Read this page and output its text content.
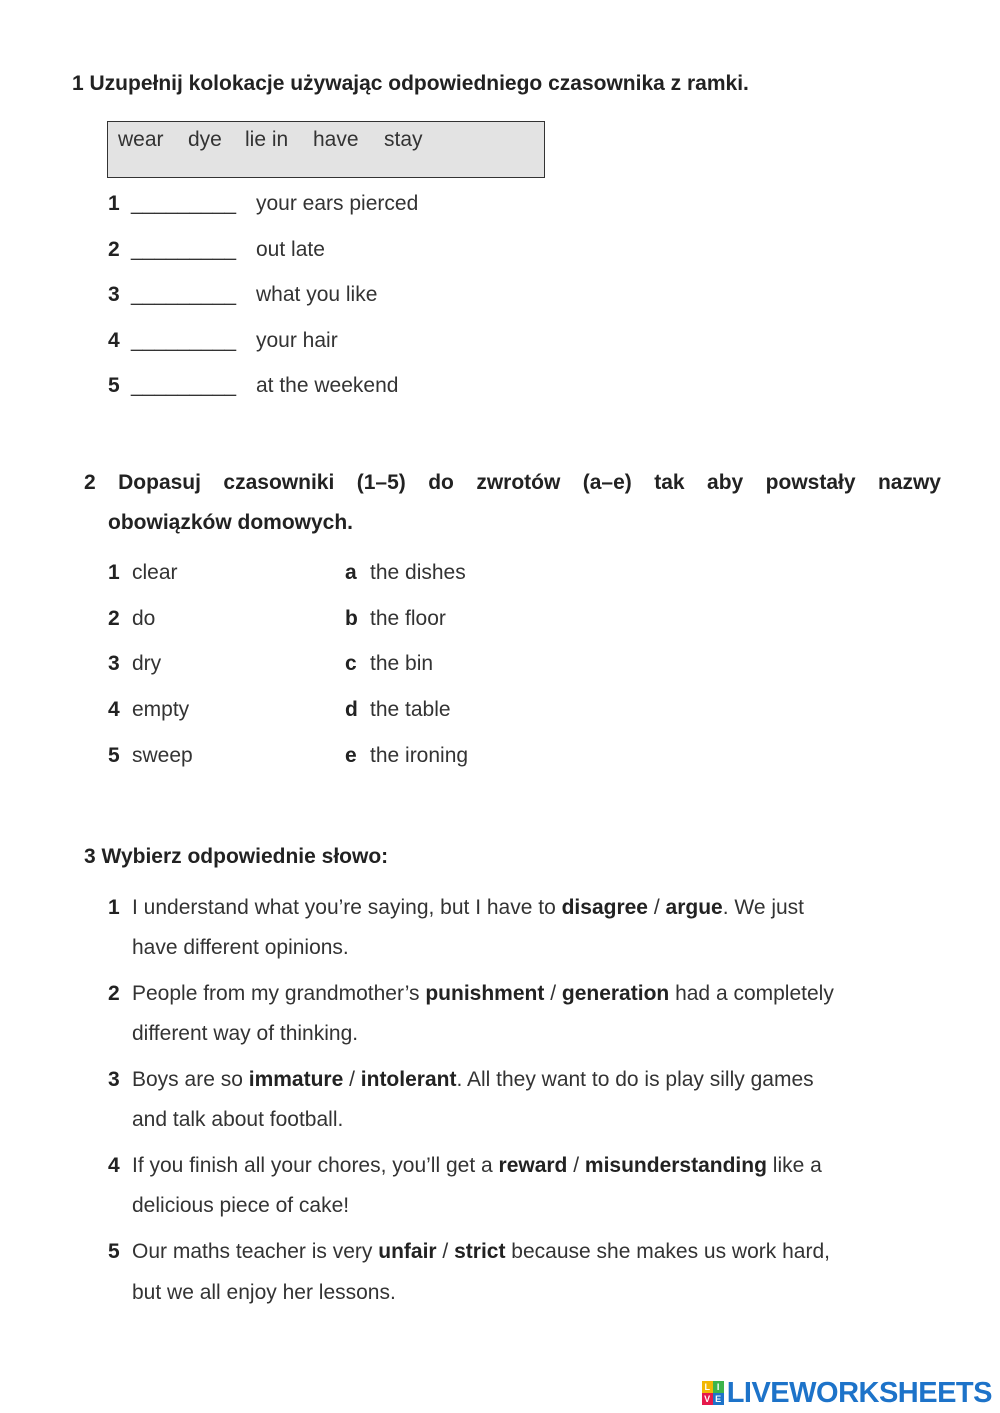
1 Uzupełnij kolokacje używając odpowiedniego czasownika z ramki.
wear dye lie in have stay
1 _________ your ears pierced
2 _________ out late
3 _________ what you like
4 _________ your hair
5 _________ at the weekend
2 Dopasuj czasowniki (1–5) do zwrotów (a–e) tak aby powstały nazwy
obowiązków domowych.
1 clear
2 do
3 dry
4 empty
5 sweep
a the dishes
b the floor
c the bin
d the table
e the ironing
3 Wybierz odpowiednie słowo:
1 I understand what you’re saying, but I have to disagree / argue. We just
have different opinions.
2 People from my grandmother’s punishment / generation had a completely
different way of thinking.
3 Boys are so immature / intolerant. All they want to do is play silly games
and talk about football.
4 If you finish all your chores, you’ll get a reward / misunderstanding like a
delicious piece of cake!
5 Our maths teacher is very unfair / strict because she makes us work hard,
but we all enjoy her lessons.
L I
V E LIVEWORKSHEETS
